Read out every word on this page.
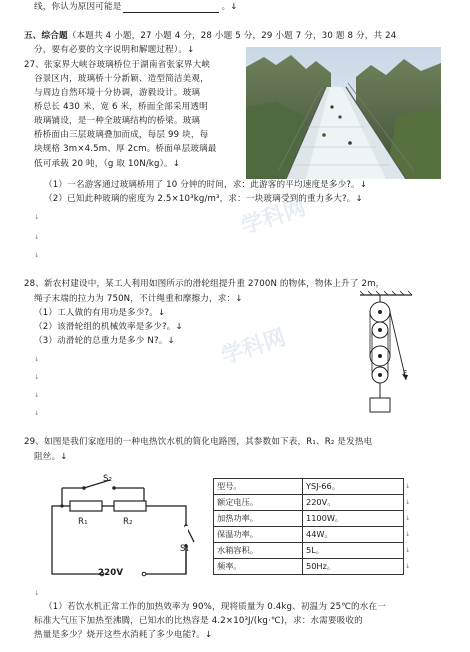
线，你认为原因可能是	。↓
五、综合题（本题共 4 小题，27 小题 4 分，28 小题 5 分，29 小题 7 分，30 题 8 分，共 24
分，要有必要的文字说明和解题过程）。↓
27、张家界大峡谷玻璃桥位于湖南省张家界大峡
谷景区内，玻璃桥十分新颖、造型简洁美观，
与周边自然环境十分协调，游毅设计。玻璃
桥总长 430 米、宽 6 米，桥面全部采用透明
玻璃铺设，是一种全玻璃结构的桥梁。玻璃
桥桥面由三层玻璃叠加而成，每层 99 块，每
块规格 3m×4.5m、厚 2cm。桥面单层玻璃最
低可承载 20 吨，（g 取 10N/kg）。↓
（1）一名游客通过玻璃桥用了 10 分钟的时间，求：此游客的平均速度是多少?。↓
（2）已知此种玻璃的密度为 2.5×10³kg/m³，求：一块玻璃受到的重力多大?。↓
↓
↓
↓
28、新农村建设中，某工人利用如图所示的滑轮组提升重 2700N 的物体，物体上升了 2m，
绳子末端的拉力为 750N，不计绳重和摩擦力，求：↓
（1）工人做的有用功是多少?。↓
（2）该滑轮组的机械效率是多少?。↓
（3）动滑轮的总重力是多少 N?。↓
↓
↓
↓
↓
F
29、如图是我们家庭用的一种电热饮水机的简化电路图，其参数如下表，R₁、R₂ 是发热电
阻丝。↓
S₂
R₁	R₂
S₁
220V
型号。	YSJ-66。	↓
额定电压。	220V。	↓
加热功率。	1100W。	↓
保温功率。	44W。	↓
水箱容积。	5L。	↓
频率。	50Hz。	↓
↓
（1）若饮水机正常工作的加热效率为 90%，现将质量为 0.4kg、初温为 25℃的水在一
标准大气压下加热至沸腾，已知水的比热容是 4.2×10³J/(kg·℃)，求：水需要吸收的
热量是多少？烧开这些水消耗了多少电能?。↓
学科网
学科网
